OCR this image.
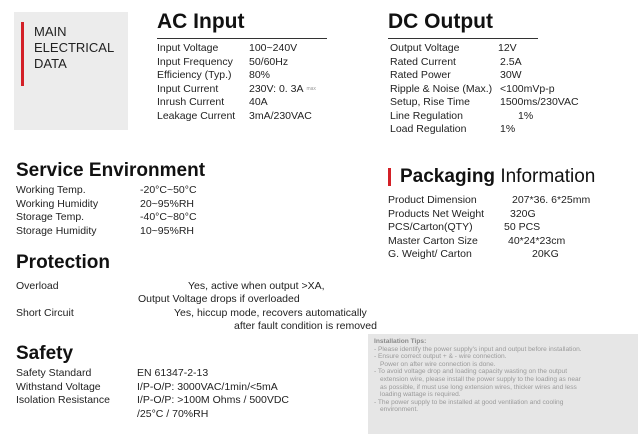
MAIN
ELECTRICAL
DATA
AC Input
Input Voltage	100~240V
Input Frequency 50/60Hz
Efficiency (Typ.) 80%
Input Current	230V: 0. 3A max
Inrush Current 40A
Leakage Current 3mA/230VAC
DC Output
Output Voltage	12V
Rated Current	2.5A
Rated Power	30W
Ripple & Noise (Max.) <100mVp-p
Setup, Rise Time	1500ms/230VAC
Line Regulation	1%
Load Regulation	1%
Service Environment
Working Temp.	-20°C~50°C
Working Humidity	20~95%RH
Storage Temp.	-40°C~80°C
Storage Humidity	10~95%RH
Packaging Information
Product Dimension	207*36. 6*25mm
Products Net Weight 320G
PCS/Carton(QTY)	50 PCS
Master Carton Size	40*24*23cm
G. Weight/ Carton	20KG
Protection
Overload	Yes, active when output >XA,
Output Voltage drops if overloaded
Short Circuit	Yes, hiccup mode, recovers automatically
after fault condition is removed
Safety
Safety Standard	EN 61347-2-13
Withstand Voltage	I/P-O/P: 3000VAC/1min/<5mA
Isolation Resistance	I/P-O/P: >100M Ohms / 500VDC
/25°C / 70%RH
Installation Tips:

- Please identify the power supply's input and output before installation.

- Ensure correct output + & - wire connection.

Power on after wire connection is done.

- To avoid voltage drop and loading capacity wasting on the output

extension wire, please install the power supply to the loading as near

as possible, if must use long extension wires, thicker wires and less

loading wattage is required.

- The power supply to be installed at good ventilation and cooling

environment.
